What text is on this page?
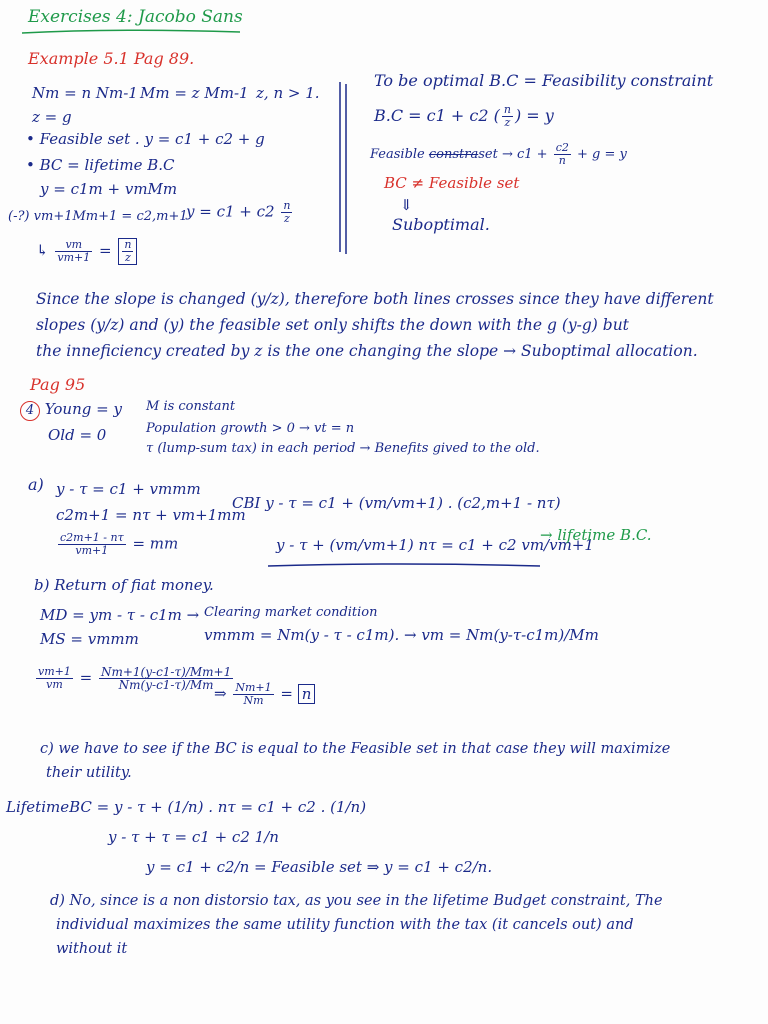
Exercises 4: Jacobo Sans
Example 5.1 Pag 89.
Nт = n Nт-1 Mт = z Mт-1 z, n > 1.
z = g
• Feasible set . y = c1 + c2 + g
• BC = lifetime B.C
y = c1т + vтMт
(-?) vт+1Mт+1 = c2,т+1
$y = c1 + c2 \frac{n}{z}$
↳ $\frac{vт}{vт+1} = \frac{n}{z}$
To be optimal B.C = Feasibility constraint
B.C = c1 + c2 ( $\frac{n}{z}$ ) = y
Feasible constraset → $c1 + \frac{c2}{n} + g = y$
BC ≠ Feasible set
⇓
Suboptimal.
Since the slope is changed (y/z), therefore both lines crosses since they have different
slopes (y/z) and (y) the feasible set only shifts the down with the g (y-g) but
the inneficiency created by z is the one changing the slope → Suboptimal allocation.
Pag 95
4 Young = y
Old = 0
M is constant
Population growth > 0 → vt = n
τ (lump-sum tax) in each period → Benefits gived to the old.
a) y - τ = c1 + vтmт
c2т+1 = nτ + vт+1mт
$\frac{c2т+1 - n\tau}{vт+1}$ = mт
CBI y - τ = c1 + (vт/vт+1) . (c2,т+1 - nτ)
y - τ + (vт/vт+1) nτ = c1 + c2 vт/vт+1
→ lifetime B.C.
b) Return of fiat money.
MD = yт - τ - c1т →
MS = vтmт
Clearing market condition
vтmт = Nт(y - τ - c1т). → vт = Nт(y-τ-c1т)/Mт
$\frac{vт+1}{vт} = \frac{Nт+1(y-c1-\tau)/Mт+1}{Nт(y-c1-\tau)/Mт}$
⇒ $\frac{Nт+1}{Nт} = n$
c) we have to see if the BC is equal to the Feasible set in that case they will maximize
their utility.
LifetimeBC = y - τ + (1/n) . nτ = c1 + c2 . (1/n)
y - τ + τ = c1 + c2 1/n
y = c1 + c2/n = Feasible set ⇒ y = c1 + c2/n.
d) No, since is a non distorsio tax, as you see in the lifetime Budget constraint, The
individual maximizes the same utility function with the tax (it cancels out) and
without it
